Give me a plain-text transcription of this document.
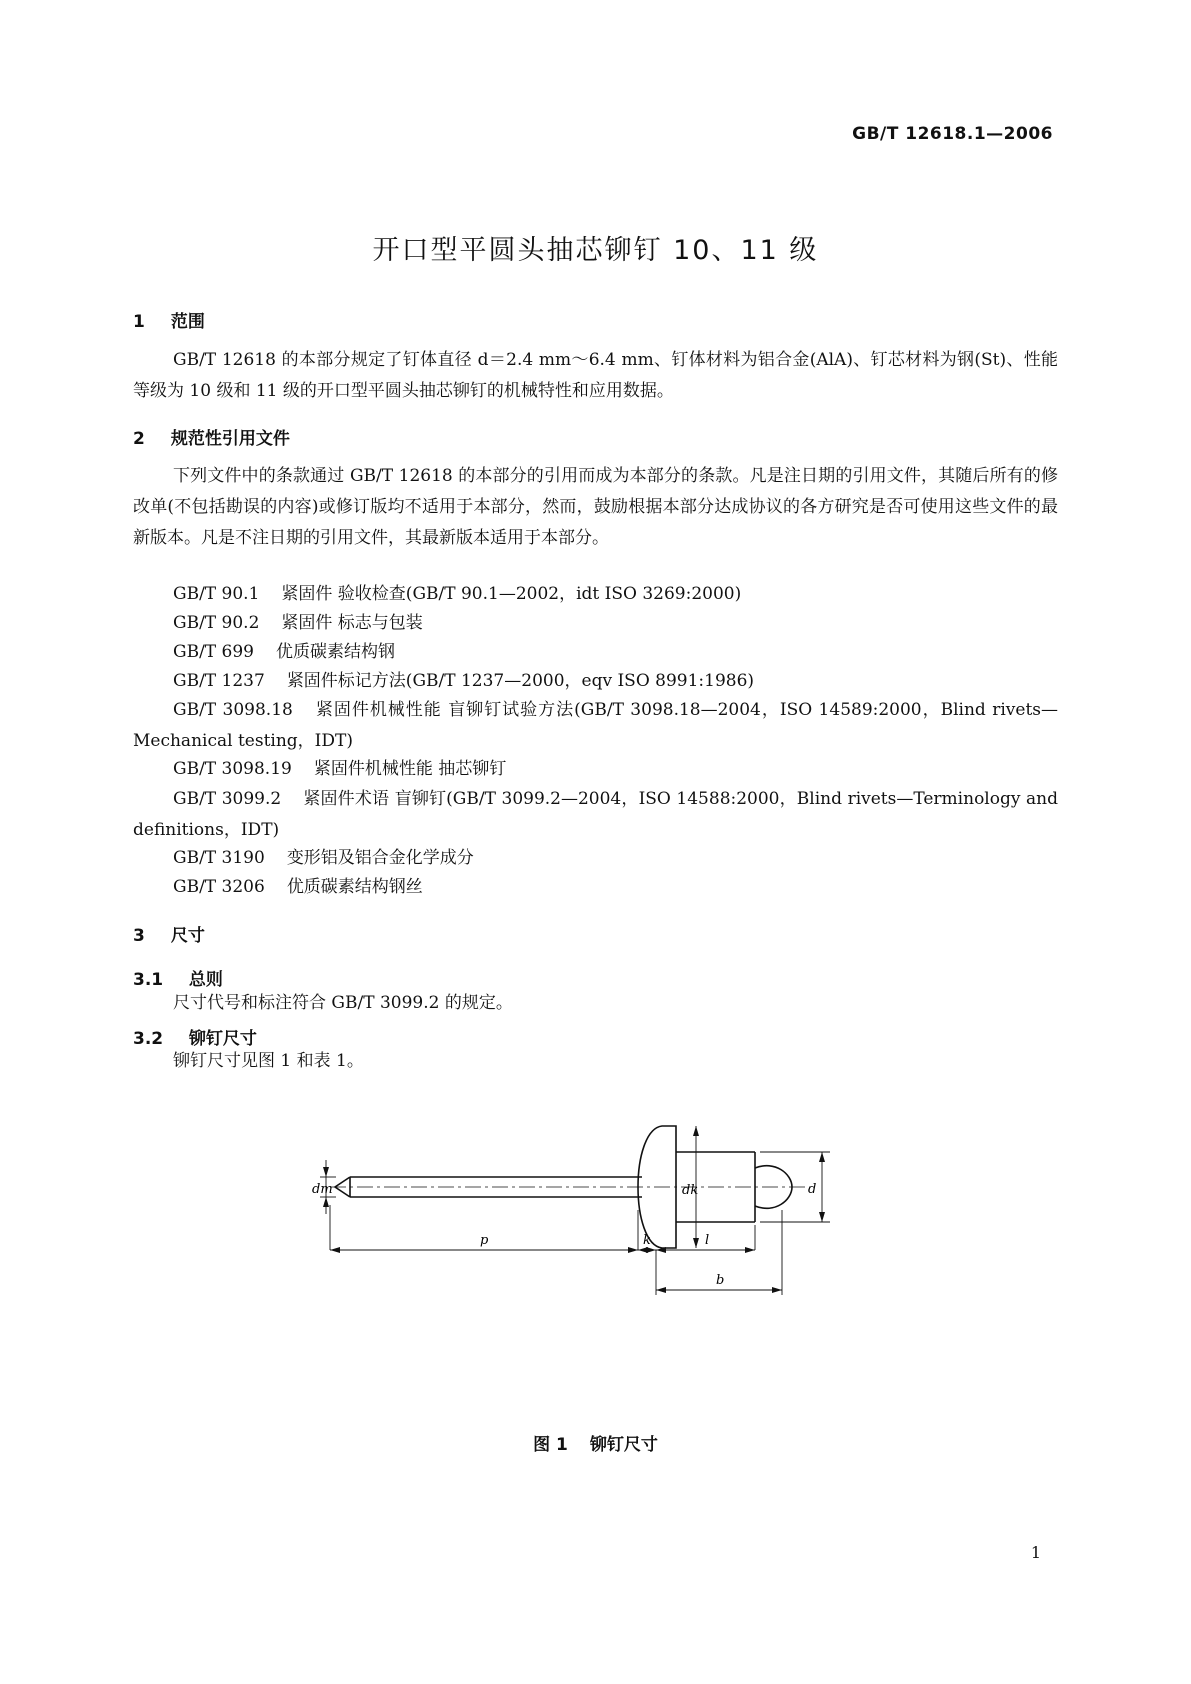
GB/T 12618.1—2006
开口型平圆头抽芯铆钉 10、11 级
1 范围
GB/T 12618 的本部分规定了钉体直径 d＝2.4 mm～6.4 mm、钉体材料为铝合金(AlA)、钉芯材料为钢(St)、性能等级为 10 级和 11 级的开口型平圆头抽芯铆钉的机械特性和应用数据。
2 规范性引用文件
下列文件中的条款通过 GB/T 12618 的本部分的引用而成为本部分的条款。凡是注日期的引用文件，其随后所有的修改单(不包括勘误的内容)或修订版均不适用于本部分，然而，鼓励根据本部分达成协议的各方研究是否可使用这些文件的最新版本。凡是不注日期的引用文件，其最新版本适用于本部分。
GB/T 90.1 紧固件 验收检查(GB/T 90.1—2002，idt ISO 3269:2000)
GB/T 90.2 紧固件 标志与包装
GB/T 699 优质碳素结构钢
GB/T 1237 紧固件标记方法(GB/T 1237—2000，eqv ISO 8991:1986)
GB/T 3098.18 紧固件机械性能 盲铆钉试验方法(GB/T 3098.18—2004，ISO 14589:2000，Blind rivets—Mechanical testing，IDT)
GB/T 3098.19 紧固件机械性能 抽芯铆钉
GB/T 3099.2 紧固件术语 盲铆钉(GB/T 3099.2—2004，ISO 14588:2000，Blind rivets—Terminology and definitions，IDT)
GB/T 3190 变形铝及铝合金化学成分
GB/T 3206 优质碳素结构钢丝
3 尺寸
3.1 总则
尺寸代号和标注符合 GB/T 3099.2 的规定。
3.2 铆钉尺寸
铆钉尺寸见图 1 和表 1。
dm	dk	d
p	k	l
b
图 1 铆钉尺寸
1
